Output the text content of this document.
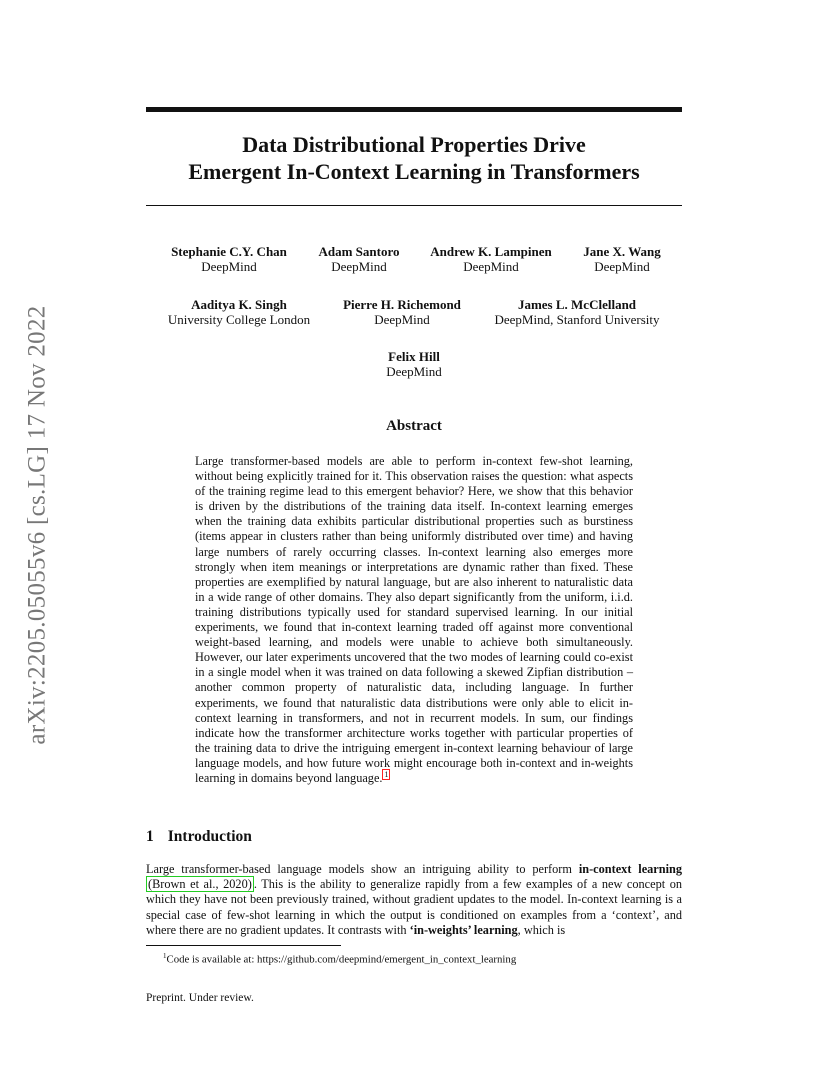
arXiv:2205.05055v6 [cs.LG] 17 Nov 2022
Data Distributional Properties Drive
Emergent In-Context Learning in Transformers
Stephanie C.Y. Chan
DeepMind
Adam Santoro
DeepMind
Andrew K. Lampinen
DeepMind
Jane X. Wang
DeepMind
Aaditya K. Singh
University College London
Pierre H. Richemond
DeepMind
James L. McClelland
DeepMind, Stanford University
Felix Hill
DeepMind
Abstract
Large transformer-based models are able to perform in-context few-shot learning, without being explicitly trained for it. This observation raises the question: what aspects of the training regime lead to this emergent behavior? Here, we show that this behavior is driven by the distributions of the training data itself. In-context learning emerges when the training data exhibits particular distributional properties such as burstiness (items appear in clusters rather than being uniformly distributed over time) and having large numbers of rarely occurring classes. In-context learning also emerges more strongly when item meanings or interpretations are dynamic rather than fixed. These properties are exemplified by natural language, but are also inherent to naturalistic data in a wide range of other domains. They also depart significantly from the uniform, i.i.d. training distributions typically used for standard supervised learning. In our initial experiments, we found that in-context learning traded off against more conventional weight-based learning, and models were unable to achieve both simultaneously. However, our later experiments uncovered that the two modes of learning could co-exist in a single model when it was trained on data following a skewed Zipfian distribution – another common property of naturalistic data, including language. In further experiments, we found that naturalistic data distributions were only able to elicit in-context learning in transformers, and not in recurrent models. In sum, our findings indicate how the transformer architecture works together with particular properties of the training data to drive the intriguing emergent in-context learning behaviour of large language models, and how future work might encourage both in-context and in-weights learning in domains beyond language. $^1$
1 Introduction
Large transformer-based language models show an intriguing ability to perform in-context learning (Brown et al., 2020) . This is the ability to generalize rapidly from a few examples of a new concept on which they have not been previously trained, without gradient updates to the model. In-context learning is a special case of few-shot learning in which the output is conditioned on examples from a ‘context’, and where there are no gradient updates. It contrasts with ‘in-weights’ learning, which is
$^1$Code is available at: https://github.com/deepmind/emergent_in_context_learning
Preprint. Under review.
